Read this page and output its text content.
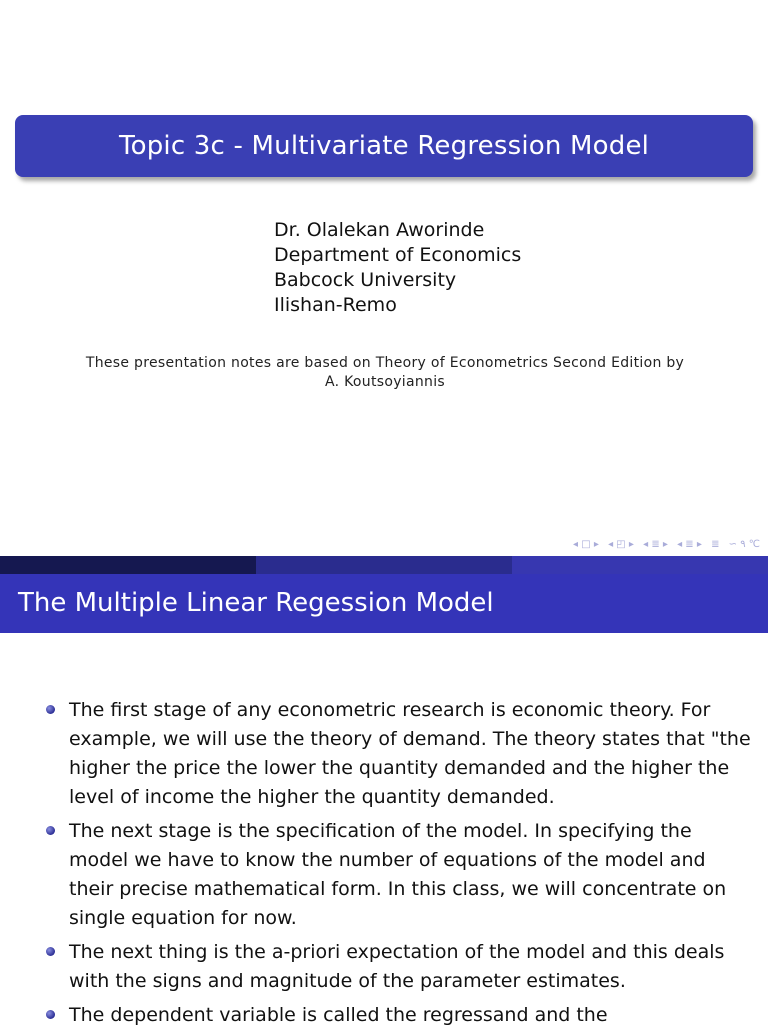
Topic 3c - Multivariate Regression Model
Dr. Olalekan Aworinde
Department of Economics
Babcock University
Ilishan-Remo
These presentation notes are based on Theory of Econometrics Second Edition by
A. Koutsoyiannis
◂ □ ▸ ◂ ◰ ▸ ◂ ≣ ▸ ◂ ≣ ▸ ≣ ∽ ۹ ℃
The Multiple Linear Regession Model
The first stage of any econometric research is economic theory. For example, we will use the theory of demand. The theory states that "the higher the price the lower the quantity demanded and the higher the level of income the higher the quantity demanded.
The next stage is the specification of the model. In specifying the model we have to know the number of equations of the model and their precise mathematical form. In this class, we will concentrate on single equation for now.
The next thing is the a-priori expectation of the model and this deals with the signs and magnitude of the parameter estimates.
The dependent variable is called the regressand and the
